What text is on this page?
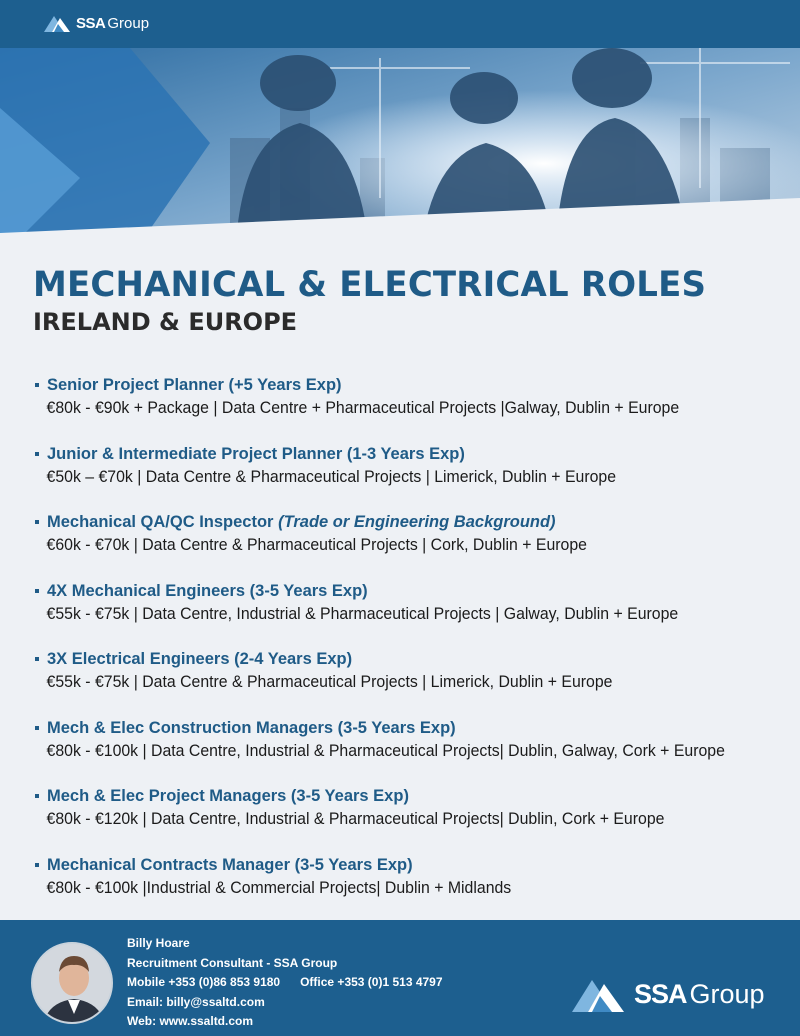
SSA Group
MECHANICAL & ELECTRICAL ROLES
IRELAND & EUROPE
Senior Project Planner (+5 Years Exp)
€80k - €90k + Package | Data Centre + Pharmaceutical Projects |Galway, Dublin + Europe
Junior & Intermediate Project Planner (1-3 Years Exp)
€50k – €70k | Data Centre & Pharmaceutical Projects | Limerick, Dublin + Europe
Mechanical QA/QC Inspector (Trade or Engineering Background)
€60k - €70k | Data Centre & Pharmaceutical Projects | Cork, Dublin + Europe
4X Mechanical Engineers (3-5 Years Exp)
€55k - €75k | Data Centre, Industrial & Pharmaceutical Projects | Galway, Dublin + Europe
3X Electrical Engineers (2-4 Years Exp)
€55k - €75k | Data Centre & Pharmaceutical Projects | Limerick, Dublin + Europe
Mech & Elec Construction Managers (3-5 Years Exp)
€80k - €100k | Data Centre, Industrial & Pharmaceutical Projects| Dublin, Galway, Cork + Europe
Mech & Elec Project Managers (3-5 Years Exp)
€80k - €120k | Data Centre, Industrial & Pharmaceutical Projects| Dublin, Cork + Europe
Mechanical Contracts Manager (3-5 Years Exp)
€80k - €100k |Industrial & Commercial Projects| Dublin + Midlands
Billy Hoare
Recruitment Consultant - SSA Group
Mobile +353 (0)86 853 9180 Office +353 (0)1 513 4797
Email: billy@ssaltd.com
Web: www.ssaltd.com
SSA Group
